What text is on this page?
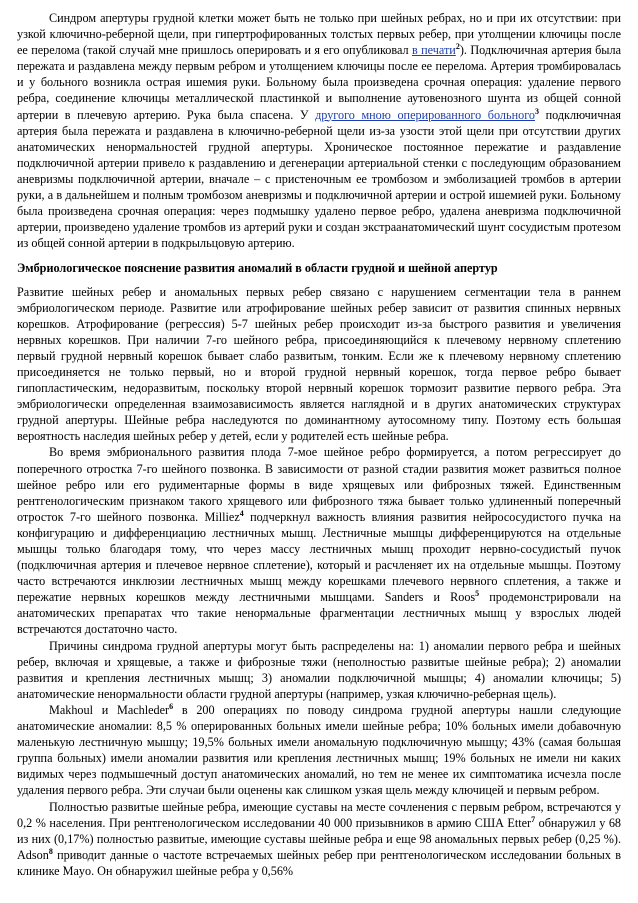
Синдром апертуры грудной клетки может быть не только при шейных ребрах, но и при их отсутствии: при узкой ключично-реберной щели, при гипертрофированных толстых первых ребер, при утолщении ключицы после ее перелома (такой случай мне пришлось оперировать и я его опубликовал в печати$^2$). Подключичная артерия была пережата и раздавлена между первым ребром и утолщением ключицы после ее перелома. Артерия тромбировалась и у больного возникла острая ишемия руки. Больному была произведена срочная операция: удаление первого ребра, соединение ключицы металлической пластинкой и выполнение аутовенозного шунта из общей сонной артерии в плечевую артерию. Рука была спасена. У другого мною оперированного больного$^3$ подключичная артерия была пережата и раздавлена в ключично-реберной щели из-за узости этой щели при отсутствии других анатомических ненормальностей грудной апертуры. Хроническое постоянное пережатие и раздавление подключичной артерии привело к раздавлению и дегенерации артериальной стенки с последующим образованием аневризмы подключичной артерии, вначале – с пристеночным ее тромбозом и эмболизацией тромбов в артерии руки, а в дальнейшем и полным тромбозом аневризмы и подключичной артерии и острой ишемией руки. Больному была произведена срочная операция: через подмышку удалено первое ребро, удалена аневризма подключичной артерии, произведено удаление тромбов из артерий руки и создан экстраанатомический шунт сосудистым протезом из общей сонной артерии в подкрыльцовую артерию.

Эмбриологическое пояснение развития аномалий в области грудной и шейной апертур

Развитие шейных ребер и аномальных первых ребер связано с нарушением сегментации тела в раннем эмбриологическом периоде. Развитие или атрофирование шейных ребер зависит от развития спинных нервных корешков. Атрофирование (регрессия) 5-7 шейных ребер происходит из-за быстрого развития и увеличения нервных корешков. При наличии 7-го шейного ребра, присоединяющийся к плечевому нервному сплетению первый грудной нервный корешок бывает слабо развитым, тонким. Если же к плечевому нервному сплетению присоединяется не только первый, но и второй грудной нервный корешок, тогда первое ребро бывает гипопластическим, недоразвитым, поскольку второй нервный корешок тормозит развитие первого ребра. Эта эмбриологически определенная взаимозависимость является наглядной и в других анатомических структурах грудной апертуры. Шейные ребра наследуются по доминантному аутосомному типу. Поэтому есть большая вероятность наследия шейных ребер у детей, если у родителей есть шейные ребра.

Во время эмбрионального развития плода 7-мое шейное ребро формируется, а потом регрессирует до поперечного отростка 7-го шейного позвонка. В зависимости от разной стадии развития может развиться полное шейное ребро или его рудиментарные формы в виде хрящевых или фиброзных тяжей. Единственным рентгенологическим признаком такого хрящевого или фиброзного тяжа бывает только удлиненный поперечный отросток 7-го шейного позвонка. Milliez$^4$ подчеркнул важность влияния развития нейрососудистого пучка на конфигурацию и дифференциацию лестничных мышц. Лестничные мышцы дифференцируются на отдельные мышцы только благодаря тому, что через массу лестничных мышц проходит нервно-сосудистый пучок (подключичная артерия и плечевое нервное сплетение), который и расчленяет их на отдельные мышцы. Поэтому часто встречаются инклюзии лестничных мышц между корешками плечевого нервного сплетения, а также и пережатие нервных корешков между лестничными мышцами. Sanders и Roos$^5$ продемонстрировали на анатомических препаратах что такие ненормальные фрагментации лестничных мышц у взрослых людей встречаются достаточно часто.

Причины синдрома грудной апертуры могут быть распределены на: 1) аномалии первого ребра и шейных ребер, включая и хрящевые, а также и фиброзные тяжи (неполностью развитые шейные ребра); 2) аномалии развития и крепления лестничных мышц; 3) аномалии подключичной мышцы; 4) аномалии ключицы; 5) анатомические ненормальности области грудной апертуры (например, узкая ключично-реберная щель).

Makhoul и Machleder$^6$ в 200 операциях по поводу синдрома грудной апертуры нашли следующие анатомические аномалии: 8,5 % оперированных больных имели шейные ребра; 10% больных имели добавочную маленькую лестничную мышцу; 19,5% больных имели аномальную подключичную мышцу; 43% (самая большая группа больных) имели аномалии развития или крепления лестничных мышц; 19% больных не имели ни каких видимых через подмышечный доступ анатомических аномалий, но тем не менее их симптоматика исчезла после удаления первого ребра. Эти случаи были оценены как слишком узкая щель между ключицей и первым ребром.

Полностью развитые шейные ребра, имеющие суставы на месте сочленения с первым ребром, встречаются у 0,2 % населения. При рентгенологическом исследовании 40 000 призывников в армию США Etter$^7$ обнаружил у 68 из них (0,17%) полностью развитые, имеющие суставы шейные ребра и еще 98 аномальных первых ребер (0,25 %). Adson$^8$ приводит данные о частоте встречаемых шейных ребер при рентгенологическом исследовании больных в клинике Mayo. Он обнаружил шейные ребра у 0,56%
